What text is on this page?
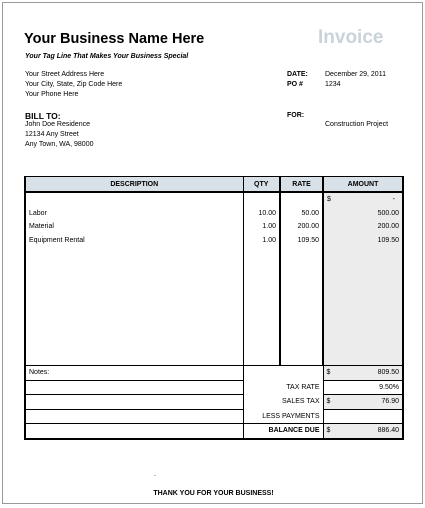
Your Business Name Here
Your Tag Line That Makes Your Business Special
Invoice
Your Street Address Here
Your City, State, Zip Code Here
Your Phone Here
DATE: December 29, 2011
PO #	1234
BILL TO:
John Doe Residence
12134 Any Street
Any Town, WA, 98000
FOR:
Construction Project
DESCRIPTION	QTY	RATE	AMOUNT

			$ -

Labor	10.00	50.00	500.00
Material	1.00	200.00	200.00
Equipment Rental	1.00	109.50	109.50

Notes:			$ 809.50

	TAX RATE		9.50%
	SALES TAX		$ 76.90

	LESS PAYMENTS		
	BALANCE DUE		$ 886.40
.
THANK YOU FOR YOUR BUSINESS!
